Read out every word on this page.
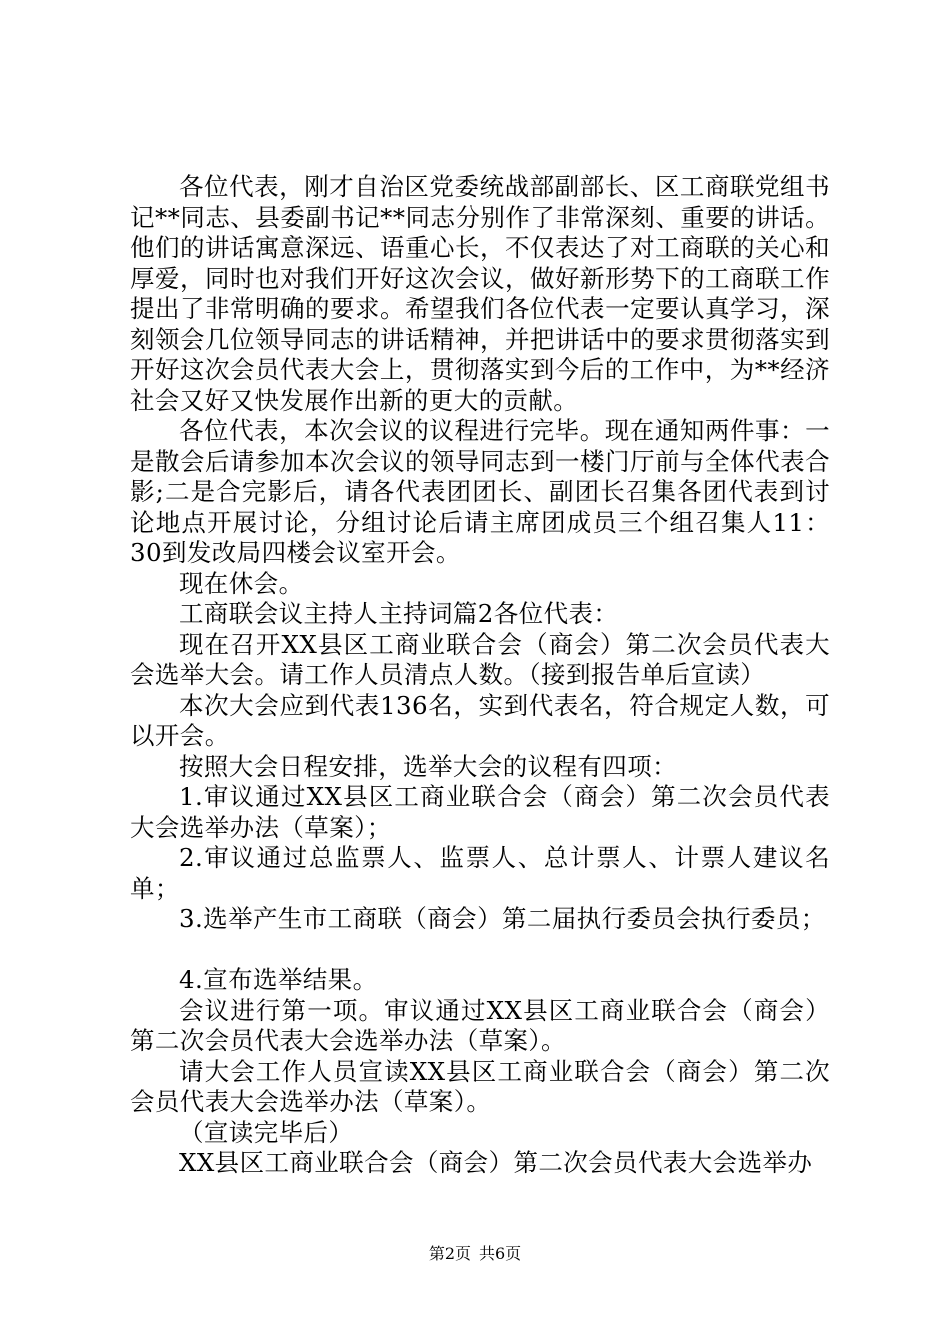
各位代表，刚才自治区党委统战部副部长、区工商联党组书记**同志、县委副书记**同志分别作了非常深刻、重要的讲话。他们的讲话寓意深远、语重心长，不仅表达了对工商联的关心和厚爱，同时也对我们开好这次会议，做好新形势下的工商联工作提出了非常明确的要求。希望我们各位代表一定要认真学习，深刻领会几位领导同志的讲话精神，并把讲话中的要求贯彻落实到开好这次会员代表大会上，贯彻落实到今后的工作中，为**经济社会又好又快发展作出新的更大的贡献。

各位代表，本次会议的议程进行完毕。现在通知两件事：一是散会后请参加本次会议的领导同志到一楼门厅前与全体代表合影;二是合完影后，请各代表团团长、副团长召集各团代表到讨论地点开展讨论，分组讨论后请主席团成员三个组召集人11：30到发改局四楼会议室开会。

现在休会。

工商联会议主持人主持词篇2各位代表：

现在召开XX县区工商业联合会（商会）第二次会员代表大会选举大会。请工作人员清点人数。（接到报告单后宣读）

本次大会应到代表136名，实到代表名，符合规定人数，可以开会。

按照大会日程安排，选举大会的议程有四项：

1.审议通过XX县区工商业联合会（商会）第二次会员代表大会选举办法（草案）；

2.审议通过总监票人、监票人、总计票人、计票人建议名单；

3.选举产生市工商联（商会）第二届执行委员会执行委员；

4.宣布选举结果。

会议进行第一项。审议通过XX县区工商业联合会（商会）第二次会员代表大会选举办法（草案）。

请大会工作人员宣读XX县区工商业联合会（商会）第二次会员代表大会选举办法（草案）。

（宣读完毕后）

XX县区工商业联合会（商会）第二次会员代表大会选举办

第2页 共6页
